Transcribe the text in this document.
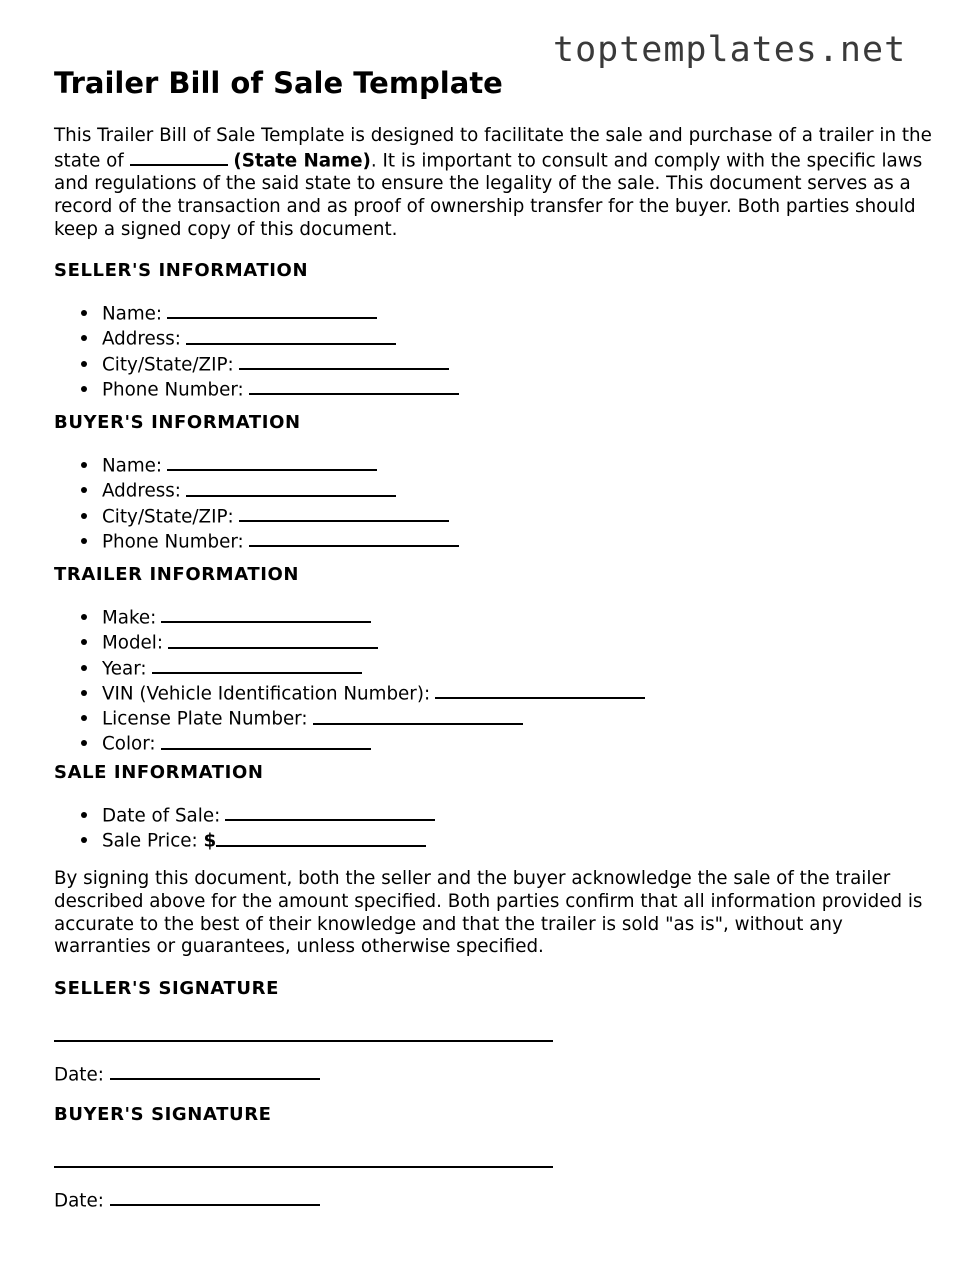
toptemplates.net
Trailer Bill of Sale Template

This Trailer Bill of Sale Template is designed to facilitate the sale and purchase of a trailer in the state of	(State Name). It is important to consult and comply with the specific laws and regulations of the said state to ensure the legality of the sale. This document serves as a record of the transaction and as proof of ownership transfer for the buyer. Both parties should keep a signed copy of this document.

SELLER'S INFORMATION
Name:
Address:
City/State/ZIP:
Phone Number:
BUYER'S INFORMATION
Name:
Address:
City/State/ZIP:
Phone Number:
TRAILER INFORMATION
Make:
Model:
Year:
VIN (Vehicle Identification Number):
License Plate Number:
Color:
SALE INFORMATION
Date of Sale:
Sale Price: $

By signing this document, both the seller and the buyer acknowledge the sale of the trailer described above for the amount specified. Both parties confirm that all information provided is accurate to the best of their knowledge and that the trailer is sold "as is", without any warranties or guarantees, unless otherwise specified.

SELLER'S SIGNATURE
Date:
BUYER'S SIGNATURE
Date:
